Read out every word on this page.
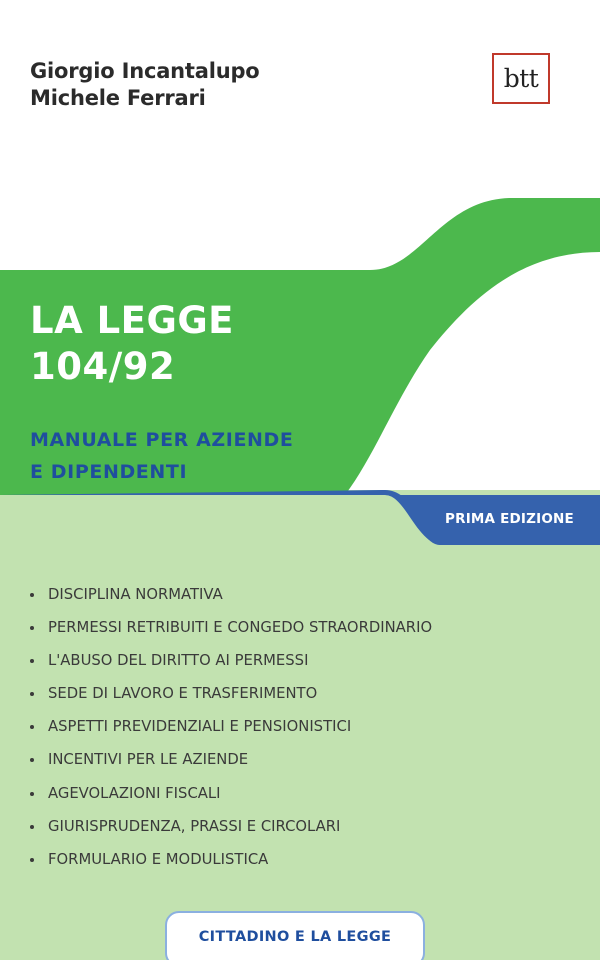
Giorgio Incantalupo
Michele Ferrari
btt
LA LEGGE
104/92
MANUALE PER AZIENDE
E DIPENDENTI
PRIMA EDIZIONE
DISCIPLINA NORMATIVA
PERMESSI RETRIBUITI E CONGEDO STRAORDINARIO
L'ABUSO DEL DIRITTO AI PERMESSI
SEDE DI LAVORO E TRASFERIMENTO
ASPETTI PREVIDENZIALI E PENSIONISTICI
INCENTIVI PER LE AZIENDE
AGEVOLAZIONI FISCALI
GIURISPRUDENZA, PRASSI E CIRCOLARI
FORMULARIO E MODULISTICA
CITTADINO E LA LEGGE
